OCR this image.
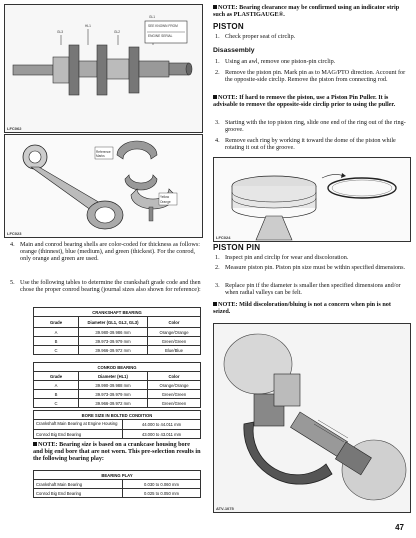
HL1
GL3	GL2
GL1
SEE KNOWN FROM
ENGINE SERIAL
LFC062
Reference Marks
Yellow
Orange
LFC023
4. Main and conrod bearing shells are color-coded for thickness as follows: orange (thinnest), blue (medium), and green (thickest). For the conrod, only orange and green are used.
5. Use the following tables to determine the crankshaft grade code and then chose the proper conrod bearing (journal sizes also shown for reference):
CRANKSHAFT BEARING		
Grade	Diameter (GL1, GL2, GL3)	Color
A	39.980-39.986 mm	Orange/Orange
B	39.973-39.979 mm	Green/Green
C	39.966-39.972 mm	Blue/Blue
CONROD BEARING		
Grade	Diameter (HL1)	Color
A	39.990-39.988 mm	Orange/Orange
B	39.973-39.979 mm	Green/Green
C	39.966-39.972 mm	Green/Green
BORE SIZE IN BOLTED CONDITION	
Crankshaft Main Bearing at Engine Housing	44.000 to 44.011 mm
Conrod Big End Bearing	43.000 to 43.011 mm
NOTE: Bearing size is based on a crankcase housing bore and big end bore that are not worn. This pre-selection results in the following bearing play:
BEARING PLAY	
Crankshaft Main Bearing	0.030 to 0.060 mm
Conrod Big End Bearing	0.025 to 0.050 mm
NOTE: Bearing clearance may be confirmed using an indicator strip such as PLASTIGAUGE®.
PISTON
1. Check proper seat of circlip.
Disassembly
1. Using an awl, remove one piston-pin circlip.
2. Remove the piston pin. Mark pin as to MAG/PTO direction. Account for the opposite-side circlip. Remove the piston from connecting rod.
NOTE: If hard to remove the piston, use a Piston Pin Puller. It is advisable to remove the opposite-side circlip prior to using the puller.
3. Starting with the top piston ring, slide one end of the ring out of the ring-groove.
4. Remove each ring by working it toward the dome of the piston while rotating it out of the groove.
LFC024
PISTON PIN
1. Inspect pin and circlip for wear and discoloration.
2. Measure piston pin. Piston pin size must be within specified dimensions.
3. Replace pin if the diameter is smaller then specified dimensions and/or when radial valleys can be felt.
NOTE: Mild discoloration/bluing is not a concern when pin is not seized.
ATV-1075
47
